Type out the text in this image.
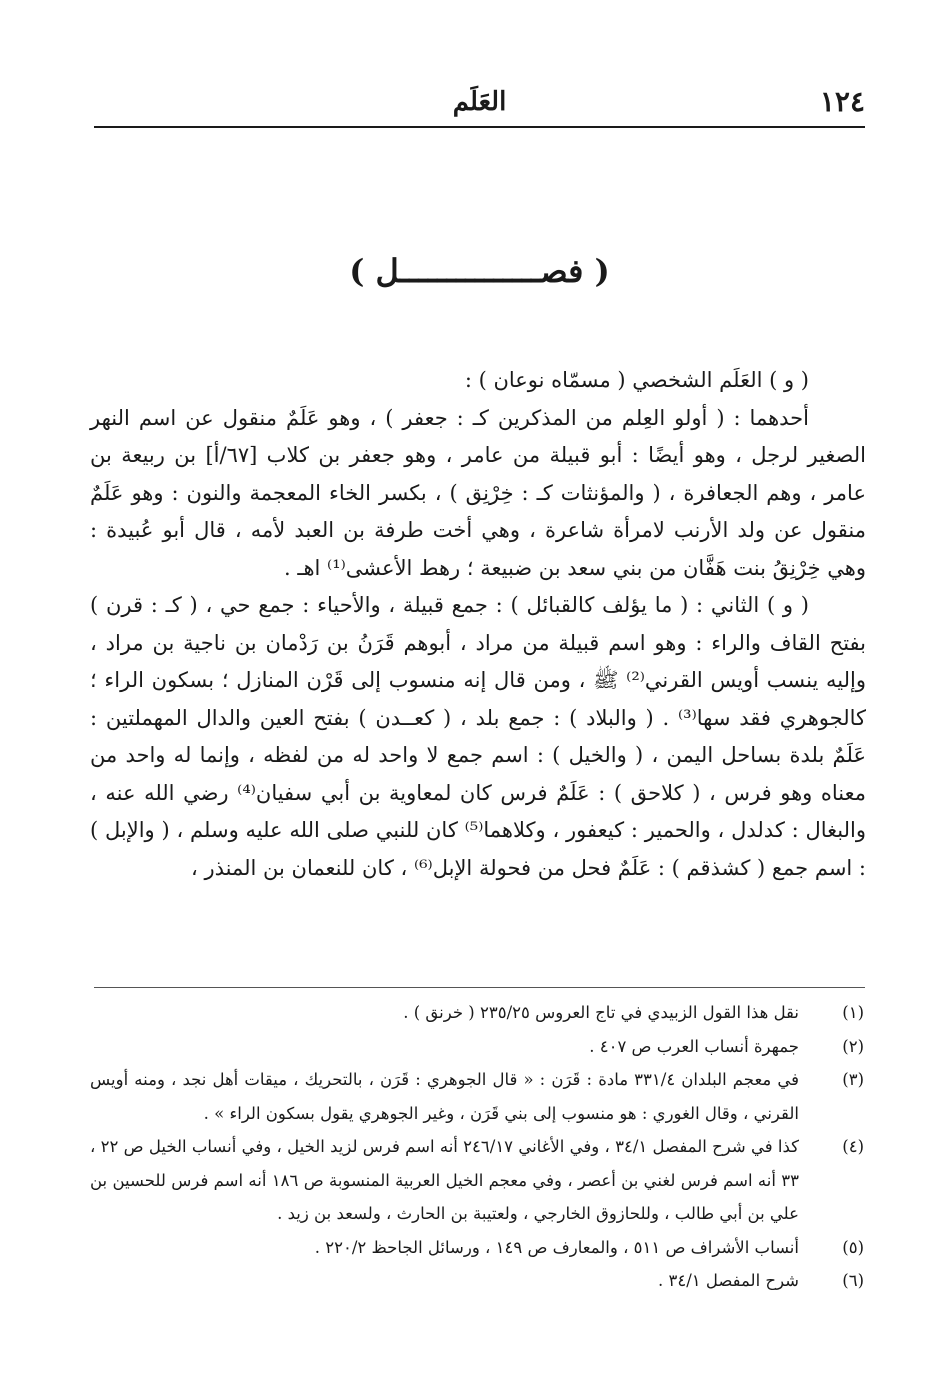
١٢٤
العَلَم
( فصـــــــــــــــل )

( و ) العَلَم الشخصي ( مسمّاه نوعان ) :

أحدهما : ( أولو العِلم من المذكرين كـ : جعفر ) ، وهو عَلَمٌ منقول عن اسم النهر الصغير لرجل ، وهو أيضًا : أبو قبيلة من عامر ، وهو جعفر بن كلاب [٦٧/أ] بن ربيعة بن عامر ، وهم الجعافرة ، ( والمؤنثات كـ : خِرْنِق ) ، بكسر الخاء المعجمة والنون : وهو عَلَمٌ منقول عن ولد الأرنب لامرأة شاعرة ، وهي أخت طرفة بن العبد لأمه ، قال أبو عُبيدة : وهي خِرْنِقُ بنت هَفَّان من بني سعد بن ضبيعة ؛ رهط الأعشى⁽¹⁾ اهـ .

( و ) الثاني : ( ما يؤلف كالقبائل ) : جمع قبيلة ، والأحياء : جمع حي ، ( كـ : قرن ) بفتح القاف والراء : وهو اسم قبيلة من مراد ، أبوهم قَرَنُ بن رَدْمان بن ناجية بن مراد ، وإليه ينسب أويس القرني⁽²⁾ ﷺ ، ومن قال إنه منسوب إلى قَرْن المنازل ؛ بسكون الراء ؛ كالجوهري فقد سها⁽³⁾ . ( والبلاد ) : جمع بلد ، ( كعــدن ) بفتح العين والدال المهملتين : عَلَمٌ بلدة بساحل اليمن ، ( والخيل ) : اسم جمع لا واحد له من لفظه ، وإنما له واحد من معناه وهو فرس ، ( كلاحق ) : عَلَمٌ فرس كان لمعاوية بن أبي سفيان⁽⁴⁾ رضي الله عنه ، والبغال : كدلدل ، والحمير : كيعفور ، وكلاهما⁽⁵⁾ كان للنبي صلى الله عليه وسلم ، ( والإبل ) : اسم جمع ( كشذقم ) : عَلَمٌ فحل من فحولة الإبل⁽⁶⁾ ، كان للنعمان بن المنذر ،

(١)
نقل هذا القول الزبيدي في تاج العروس ٢٣٥/٢٥ ( خرنق ) .
(٢)
جمهرة أنساب العرب ص ٤٠٧ .
(٣)
في معجم البلدان ٣٣١/٤ مادة : قَرَن : « قال الجوهري : قَرَن ، بالتحريك ، ميقات أهل نجد ، ومنه أويس القرني ، وقال الغوري : هو منسوب إلى بني قَرَن ، وغير الجوهري يقول بسكون الراء » .
(٤)
كذا في شرح المفصل ٣٤/١ ، وفي الأغاني ٢٤٦/١٧ أنه اسم فرس لزيد الخيل ، وفي أنساب الخيل ص ٢٢ ، ٣٣ أنه اسم فرس لغني بن أعصر ، وفي معجم الخيل العربية المنسوبة ص ١٨٦ أنه اسم فرس للحسين بن علي بن أبي طالب ، وللحازوق الخارجي ، ولعتيبة بن الحارث ، ولسعد بن زيد .
(٥)
أنساب الأشراف ص ٥١١ ، والمعارف ص ١٤٩ ، ورسائل الجاحظ ٢٢٠/٢ .
(٦)
شرح المفصل ٣٤/١ .
